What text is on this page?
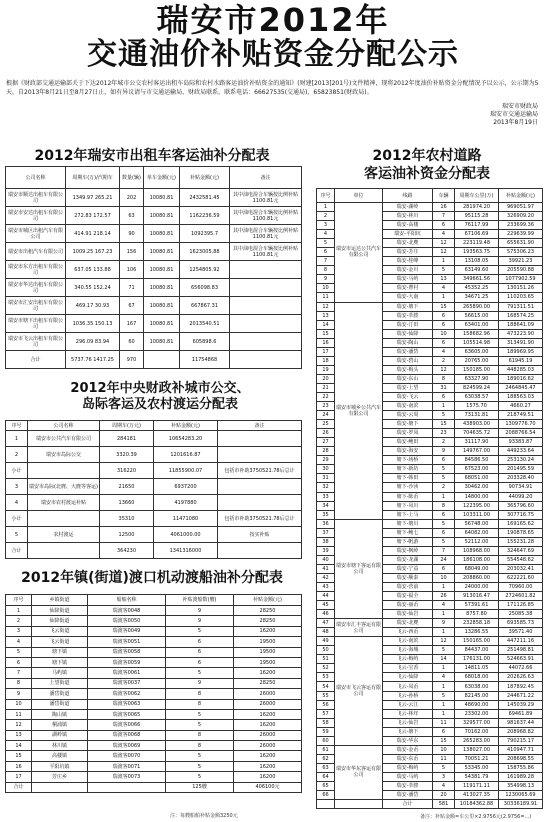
瑞安市2012年
交通油价补贴资金分配公示
根据《财政部交通运输部关于下达2012年城市公交农村客运出租车岛际和农村水路客运油价补贴资金的通知》(财建[2013]201号)文件精神，现将2012年度油价补贴资金分配情况予以公示，公示期为5天，自2013年8月21日至8月27日止，如有异议请与市交通运输局、财政局联系。联系电话：66627535(交通局)、65823851(财政局)。
瑞安市财政局
瑞安市交通运输局
2013年8月19日
2012年瑞安市出租车客运油补分配表
公司名称	周期车(万)/汽期车	数量(辆)	单车金额(元)	补贴金额(元)	备注
瑞安市顺达出租车有限公司	1349.97 265.21	202	10080.81	2432581.45	其中油电混合车辆按比例补贴1100.81元
瑞安市安达出租车有限公司	272.83 172.57	63	10080.81	1162236.59	其中油电混合车辆按比例补贴1100.81元
瑞安市城区出租汽车有限公司	414.91 218.14	90	10080.81	1092395.7	其中油电混合车辆按比例补贴1100.81元
瑞安市出租汽车有限公司	1009.25 167.23	156	10080.81	1623005.88	其中油电混合车辆按比例补贴1100.81元
瑞安市东方出租车有限公司	637.05 133.88	106	10080.81	1254805.92	
瑞安市华达出租车有限公司	340.55 152.24	71	10080.81	656098.83	
瑞安市汇安出租车有限公司	469.17 30.93	67	10080.81	667867.31	
瑞安市塘下出租车有限公司	1036.35 150.13	167	10080.81	2013540.51	
瑞安市飞云出租车有限公司	296.09 83.94	60	10080.81	605898.6	
合计	5737.76 1417.25	970		11754868	
2012年中央财政补城市公交、
岛际客运及农村渡运分配表
序号	公司名称	周期车(万元)	补贴金额(元)	备注
1	瑞安市公共汽车有限公司	284181	10654283.20	
2	瑞安市岛际公交	3320.39	1201616.87	
小计		316220	11855900.07	包括市补助3750521.78后总计
3	瑞安市岛际(北麂、大麂等客运)	21650	6937200	
4	瑞安市农村渡运补贴	13660	4197880	
小计		35310	11471080	包括市补助3750521.78后总计
5	农村渡运	12500	4061000.00	按实补贴
合计		364230	1341316000	
2012年镇(街道)渡口机动渡船油补分配表
序号	乡镇街道	船舶名称	补贴渡船数(艘)	补贴金额(元)
1	仙降街道	瑞渡客0048	9	28250
2	仙降街道	瑞渡客0050	9	28250
3	飞云街道	瑞渡客0049	5	16200
4	飞云街道	瑞渡客0051	6	19500
5	塘下镇	瑞渡客0058	6	19500
6	塘下镇	瑞渡客0059	6	19500
7	马屿镇	瑞渡客0061	5	16200
8	上望街道	瑞渡客0037	9	28250
9	潘岱街道	瑞渡客0062	8	26000
10	潘岱街道	瑞渡客0063	8	26000
11	陶山镇	瑞渡客0065	5	16200
12	桐浦镇	瑞渡客0066	5	16200
13	湖岭镇	瑞渡客0068	8	26000
14	林川镇	瑞渡客0069	8	26000
15	高楼镇	瑞渡客0070	5	16200
16	平阳坑镇	瑞渡客0071	5	16200
17	芳庄乡	瑞渡客0073	5	16200
合计			125艘	406100元
注：每艘船舶补贴金额3250元
2012年农村道路
客运油补资金分配表
序号	单位	线路	车辆	周期车公里(万)	补贴金额(元)
1	瑞安市运达公共汽车有限公司	瑞安-湖岭	16	281974.20	969051.97
2		瑞安-林川	7	95115.28	326909.20
3		瑞安-高楼	6	76117.99	233699.36
4		瑞安-平阳坑	4	67106.69	229639.99
5		瑞安-北麂	12	223119.48	655631.90
6		瑞安-芳庄	12	193563.75	575306.23
7		瑞安-桂峰	1	13108.05	39921.23
8		瑞安-金川	5	63149.60	205590.88
9		瑞安-马屿	13	349661.56	1077902.59
10		瑞安-曹村	4	45352.25	130151.26
11		瑞安-大南	1	34671.25	110203.65
12	瑞安市城乡公共汽车有限公司	瑞安-塘下	15	265890.00	791311.51
13		瑞安-莘塍	6	56615.00	168574.25
14		瑞安-汀田	6	63401.00	188641.09
15		瑞安-仙降	10	158682.96	473223.90
16		瑞安-陶山	6	105514.98	313491.90
17		瑞安-潘岱	4	63605.00	189969.95
18		瑞安-碧山	2	20765.00	61945.19
19		瑞安-梅头	12	150185.00	448285.03
20		瑞安-东山	8	63327.90	189016.62
21		瑞安-上望	31	824599.24	2464845.47
22		瑞安-飞云	6	63038.57	188563.03
23		瑞安-南滨	1	1575.70	4660.27
24		瑞安-云周	5	73131.81	218749.51
25		瑞安-塘下	15	438903.00	1309776.70
26		瑞安-罗凤	23	704635.72	2088766.54
27		瑞安-鲍田	2	31117.90	93383.87
28		瑞安-海安	9	149767.00	449233.64
29		塘下-场桥	6	84586.50	253130.24
30		塘下-新坊	5	67523.00	201495.59
31		塘下-韩田	5	68051.00	203328.40
32		塘下-沙渎	2	30462.00	90734.91
33		塘下-陈岙	1	14800.00	44099.20
34		塘下-凤川	8	122395.00	365796.60
35		塘下-上马	6	103311.00	307716.75
36	瑞安市塘下客运有限公司	塘下-塘川	5	56748.00	169165.62
37		塘下-鲍七	6	64082.00	190878.65
38		塘下-帆游	5	52112.00	155231.28
39		瑞安-枫岭	7	108968.00	324647.69
40		瑞安-龙湖	24	186108.00	554548.62
41		瑞安-宁益	6	68049.00	203032.41
42		瑞安-顺泰	10	208860.00	622221.60
43		瑞安-营前	1	24000.00	70960.00
44		瑞安-福全	26	913016.47	2724601.82
45		瑞安-丽岙	4	57391.61	171126.85
46		瑞安-仙岩	1	8757.80	25085.38
47	瑞安市汇丰客运有限公司	瑞安-北麂	9	232858.18	693585.73
48		飞云-西岙	1	13286.55	39571.40
49	瑞安市飞云客运有限公司	飞云-南滨	12	150165.00	447211.16
50		飞云-海城	5	84437.00	251498.81
51		飞云-梅屿	14	176131.00	524663.91
52		飞云-宝香	1	14811.05	44072.66
53		飞云-仙降	4	68018.00	202626.63
54		飞云-凤岙	1	63038.00	187892.45
55		飞云-孙桥	5	82145.00	244671.22
56		飞云-云江	1	48690.00	145039.29
57		飞云-林垟	1	23302.00	69461.89
58		飞云-仙岩	11	329577.00	981637.44
59		飞云-塘下	6	70162.00	208968.82
60		瑞安-华东	15	265283.00	790215.17
61	瑞安市华东客运有限公司	瑞安-金岙	10	138027.00	410947.71
62		瑞安-东岙	11	70051.21	208698.55
63		瑞安-梅屿	5	53345.00	158755.86
64		瑞安-马屿	3	54381.79	161989.28
65		瑞安-莘塍	4	119171.11	354998.13
66		瑞安-潘岱	20	413027.35	1230065.69
		合计	581	10184362.88	30336189.91
备注：补贴金额=车公里×2.9756元(2.9756=...)
